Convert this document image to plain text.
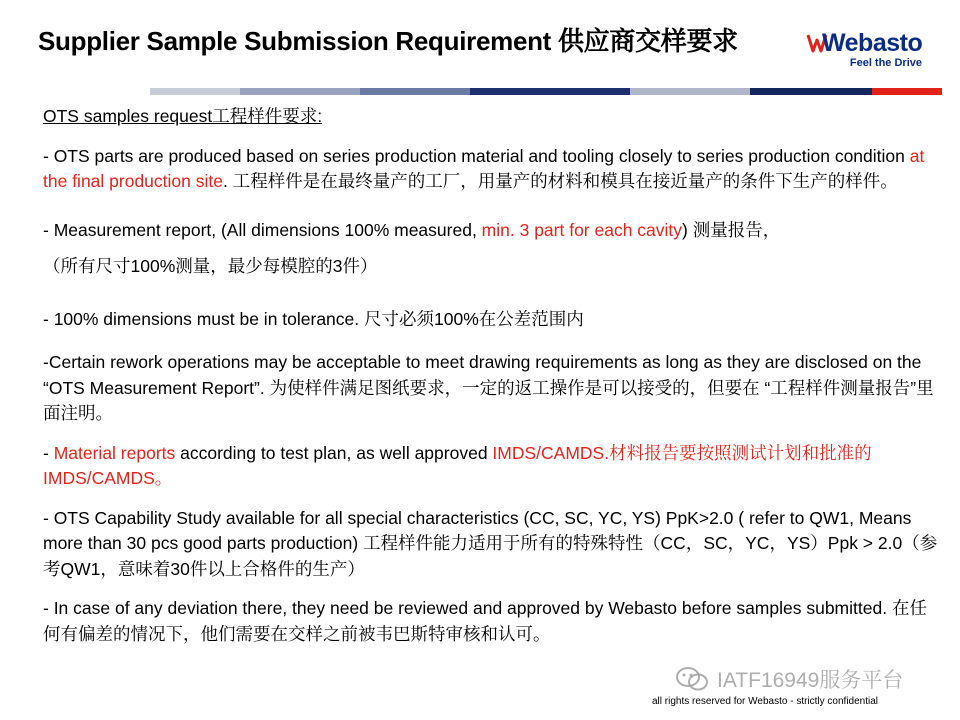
Supplier Sample Submission Requirement 供应商交样要求	Webasto
Feel the Drive

OTS samples request工程样件要求:

- OTS parts are produced based on series production material and tooling closely to series production condition at the final production site. 工程样件是在最终量产的工厂，用量产的材料和模具在接近量产的条件下生产的样件。

- Measurement report, (All dimensions 100% measured, min. 3 part for each cavity) 测量报告，

（所有尺寸100%测量，最少每模腔的3件）

- 100% dimensions must be in tolerance. 尺寸必须100%在公差范围内

-Certain rework operations may be acceptable to meet drawing requirements as long as they are disclosed on the “OTS Measurement Report”. 为使样件满足图纸要求，一定的返工操作是可以接受的，但要在 “工程样件测量报告”里面注明。

- Material reports according to test plan, as well approved IMDS/CAMDS.材料报告要按照测试计划和批准的IMDS/CAMDS。

- OTS Capability Study available for all special characteristics (CC, SC, YC, YS) PpK>2.0 ( refer to QW1, Means more than 30 pcs good parts production) 工程样件能力适用于所有的特殊特性（CC，SC，YC，YS）Ppk > 2.0（参考QW1，意味着30件以上合格件的生产）

- In case of any deviation there, they need be reviewed and approved by Webasto before samples submitted. 在任何有偏差的情况下，他们需要在交样之前被韦巴斯特审核和认可。

IATF16949服务平台
all rights reserved for Webasto - strictly confidential
